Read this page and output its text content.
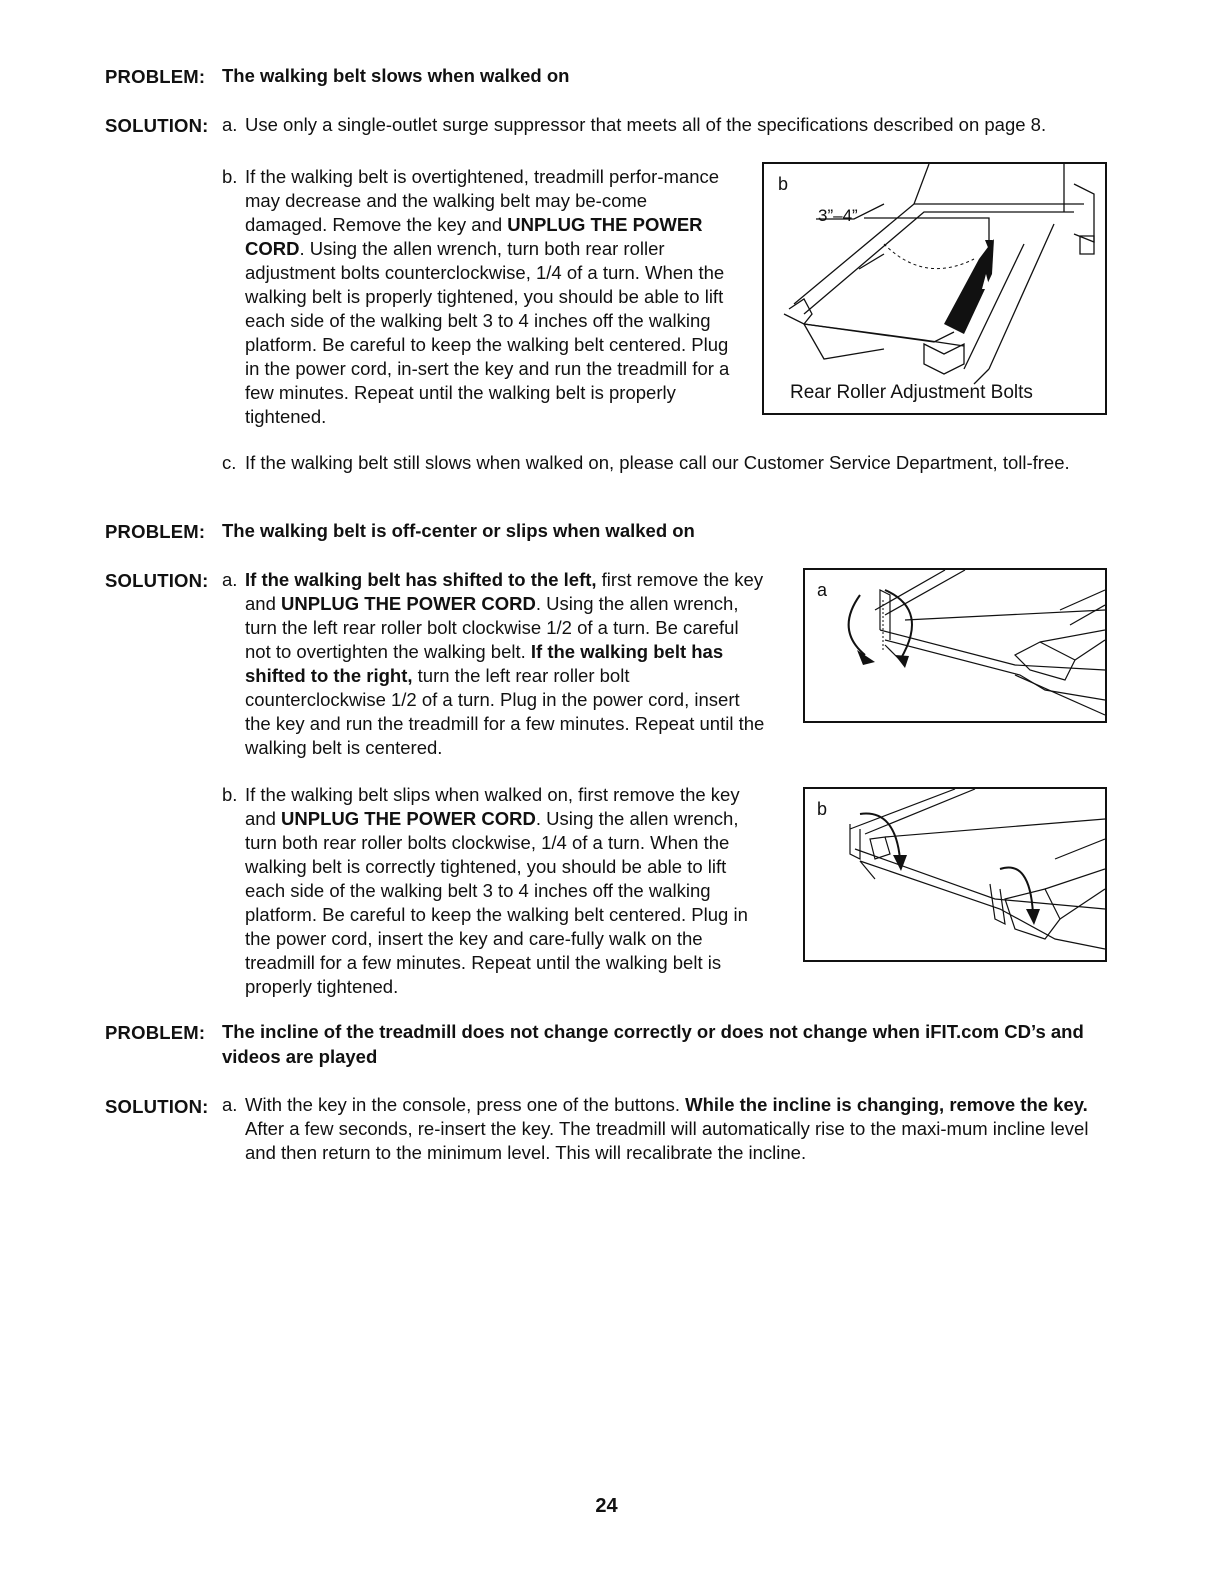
PROBLEM: The walking belt slows when walked on
SOLUTION: a. Use only a single-outlet surge suppressor that meets all of the specifications described on page 8.
b. If the walking belt is overtightened, treadmill perfor-mance may decrease and the walking belt may be-come damaged. Remove the key and UNPLUG THE POWER CORD. Using the allen wrench, turn both rear roller adjustment bolts counterclockwise, 1/4 of a turn. When the walking belt is properly tightened, you should be able to lift each side of the walking belt 3 to 4 inches off the walking platform. Be careful to keep the walking belt centered. Plug in the power cord, in-sert the key and run the treadmill for a few minutes. Repeat until the walking belt is properly tightened.
b
3”–4”
Rear Roller Adjustment Bolts
c. If the walking belt still slows when walked on, please call our Customer Service Department, toll-free.
PROBLEM: The walking belt is off-center or slips when walked on
SOLUTION: a. If the walking belt has shifted to the left, first remove the key and UNPLUG THE POWER CORD. Using the allen wrench, turn the left rear roller bolt clockwise 1/2 of a turn. Be careful not to overtighten the walking belt. If the walking belt has shifted to the right, turn the left rear roller bolt counterclockwise 1/2 of a turn. Plug in the power cord, insert the key and run the treadmill for a few minutes. Repeat until the walking belt is centered.
a
b. If the walking belt slips when walked on, first remove the key and UNPLUG THE POWER CORD. Using the allen wrench, turn both rear roller bolts clockwise, 1/4 of a turn. When the walking belt is correctly tightened, you should be able to lift each side of the walking belt 3 to 4 inches off the walking platform. Be careful to keep the walking belt centered. Plug in the power cord, insert the key and care-fully walk on the treadmill for a few minutes. Repeat until the walking belt is properly tightened.
b
PROBLEM: The incline of the treadmill does not change correctly or does not change when iFIT.com CD’s and videos are played
SOLUTION: a. With the key in the console, press one of the buttons. While the incline is changing, remove the key. After a few seconds, re-insert the key. The treadmill will automatically rise to the maxi-mum incline level and then return to the minimum level. This will recalibrate the incline.
24
